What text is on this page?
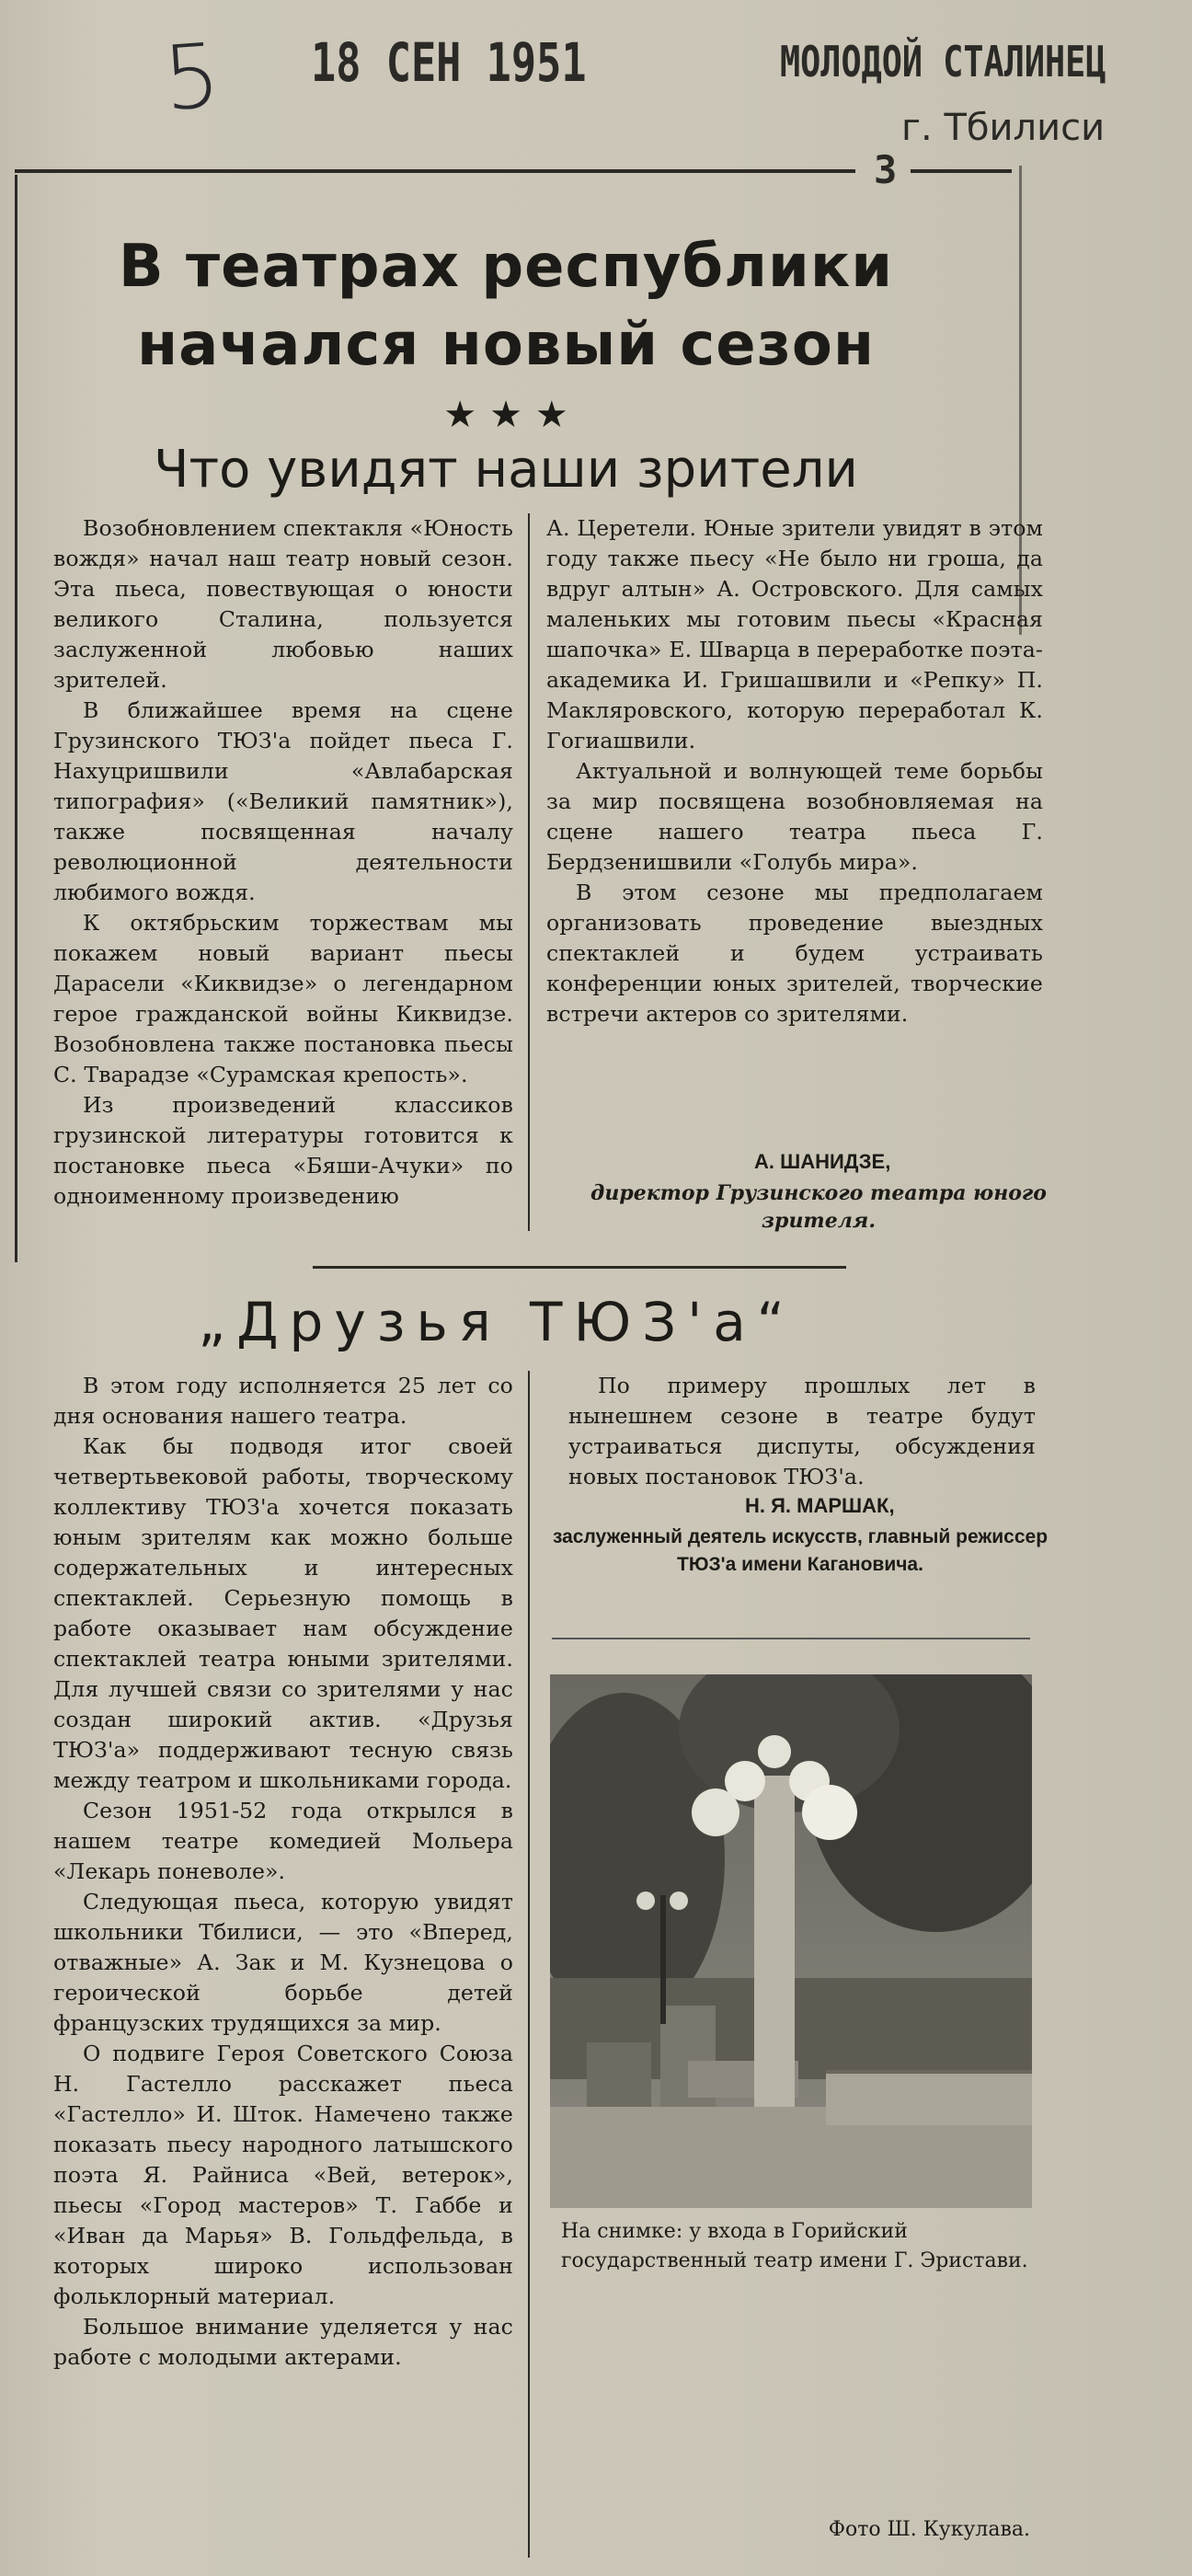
5 18 СЕН 1951	МОЛОДОЙ СТАЛИНЕЦ
г. Тбилиси
3
В театрах республики
начался новый сезон
★ ★ ★
Что увидят наши зрители

Возобновлением спектакля «Юность вождя» начал наш театр новый сезон. Эта пьеса, повествующая о юности великого Сталина, пользуется заслуженной любовью наших зрителей.

В ближайшее время на сцене Грузинского ТЮЗ'а пойдет пьеса Г. Нахуцришвили «Авлабарская типография» («Великий памятник»), также посвященная началу революционной деятельности любимого вождя.

К октябрьским торжествам мы покажем новый вариант пьесы Дарасели «Киквидзе» о легендарном герое гражданской войны Киквидзе. Возобновлена также постановка пьесы С. Тварадзе «Сурамская крепость».

Из произведений классиков грузинской литературы готовится к постановке пьеса «Бяши-Ачуки» по одноименному произведению

А. Церетели. Юные зрители увидят в этом году также пьесу «Не было ни гроша, да вдруг алтын» А. Островского. Для самых маленьких мы готовим пьесы «Красная шапочка» Е. Шварца в переработке поэта-академика И. Гришашвили и «Репку» П. Макляровского, которую переработал К. Гогиашвили.

Актуальной и волнующей теме борьбы за мир посвящена возобновляемая на сцене нашего театра пьеса Г. Бердзенишвили «Голубь мира».

В этом сезоне мы предполагаем организовать проведение выездных спектаклей и будем устраивать конференции юных зрителей, творческие встречи актеров со зрителями.

А. ШАНИДЗЕ,
директор Грузинского театра юного зрителя.
„Друзья ТЮЗ'а“

В этом году исполняется 25 лет со дня основания нашего театра.

Как бы подводя итог своей четвертьвековой работы, творческому коллективу ТЮЗ'а хочется показать юным зрителям как можно больше содержательных и интересных спектаклей. Серьезную помощь в работе оказывает нам обсуждение спектаклей театра юными зрителями. Для лучшей связи со зрителями у нас создан широкий актив. «Друзья ТЮЗ'а» поддерживают тесную связь между театром и школьниками города.

Сезон 1951-52 года открылся в нашем театре комедией Мольера «Лекарь поневоле».

Следующая пьеса, которую увидят школьники Тбилиси, — это «Вперед, отважные» А. Зак и М. Кузнецова о героической борьбе детей французских трудящихся за мир.

О подвиге Героя Советского Союза Н. Гастелло расскажет пьеса «Гастелло» И. Шток. Намечено также показать пьесу народного латышского поэта Я. Райниса «Вей, ветерок», пьесы «Город мастеров» Т. Габбе и «Иван да Марья» В. Гольдфельда, в которых широко использован фольклорный материал.

Большое внимание уделяется у нас работе с молодыми актерами.

По примеру прошлых лет в нынешнем сезоне в театре будут устраиваться диспуты, обсуждения новых постановок ТЮЗ'а.

Н. Я. МАРШАК,
заслуженный деятель искусств, главный режиссер ТЮЗ'а имени Кагановича.
На снимке: у входа в Горийский государственный театр имени Г. Эристави.
Фото Ш. Кукулава.
